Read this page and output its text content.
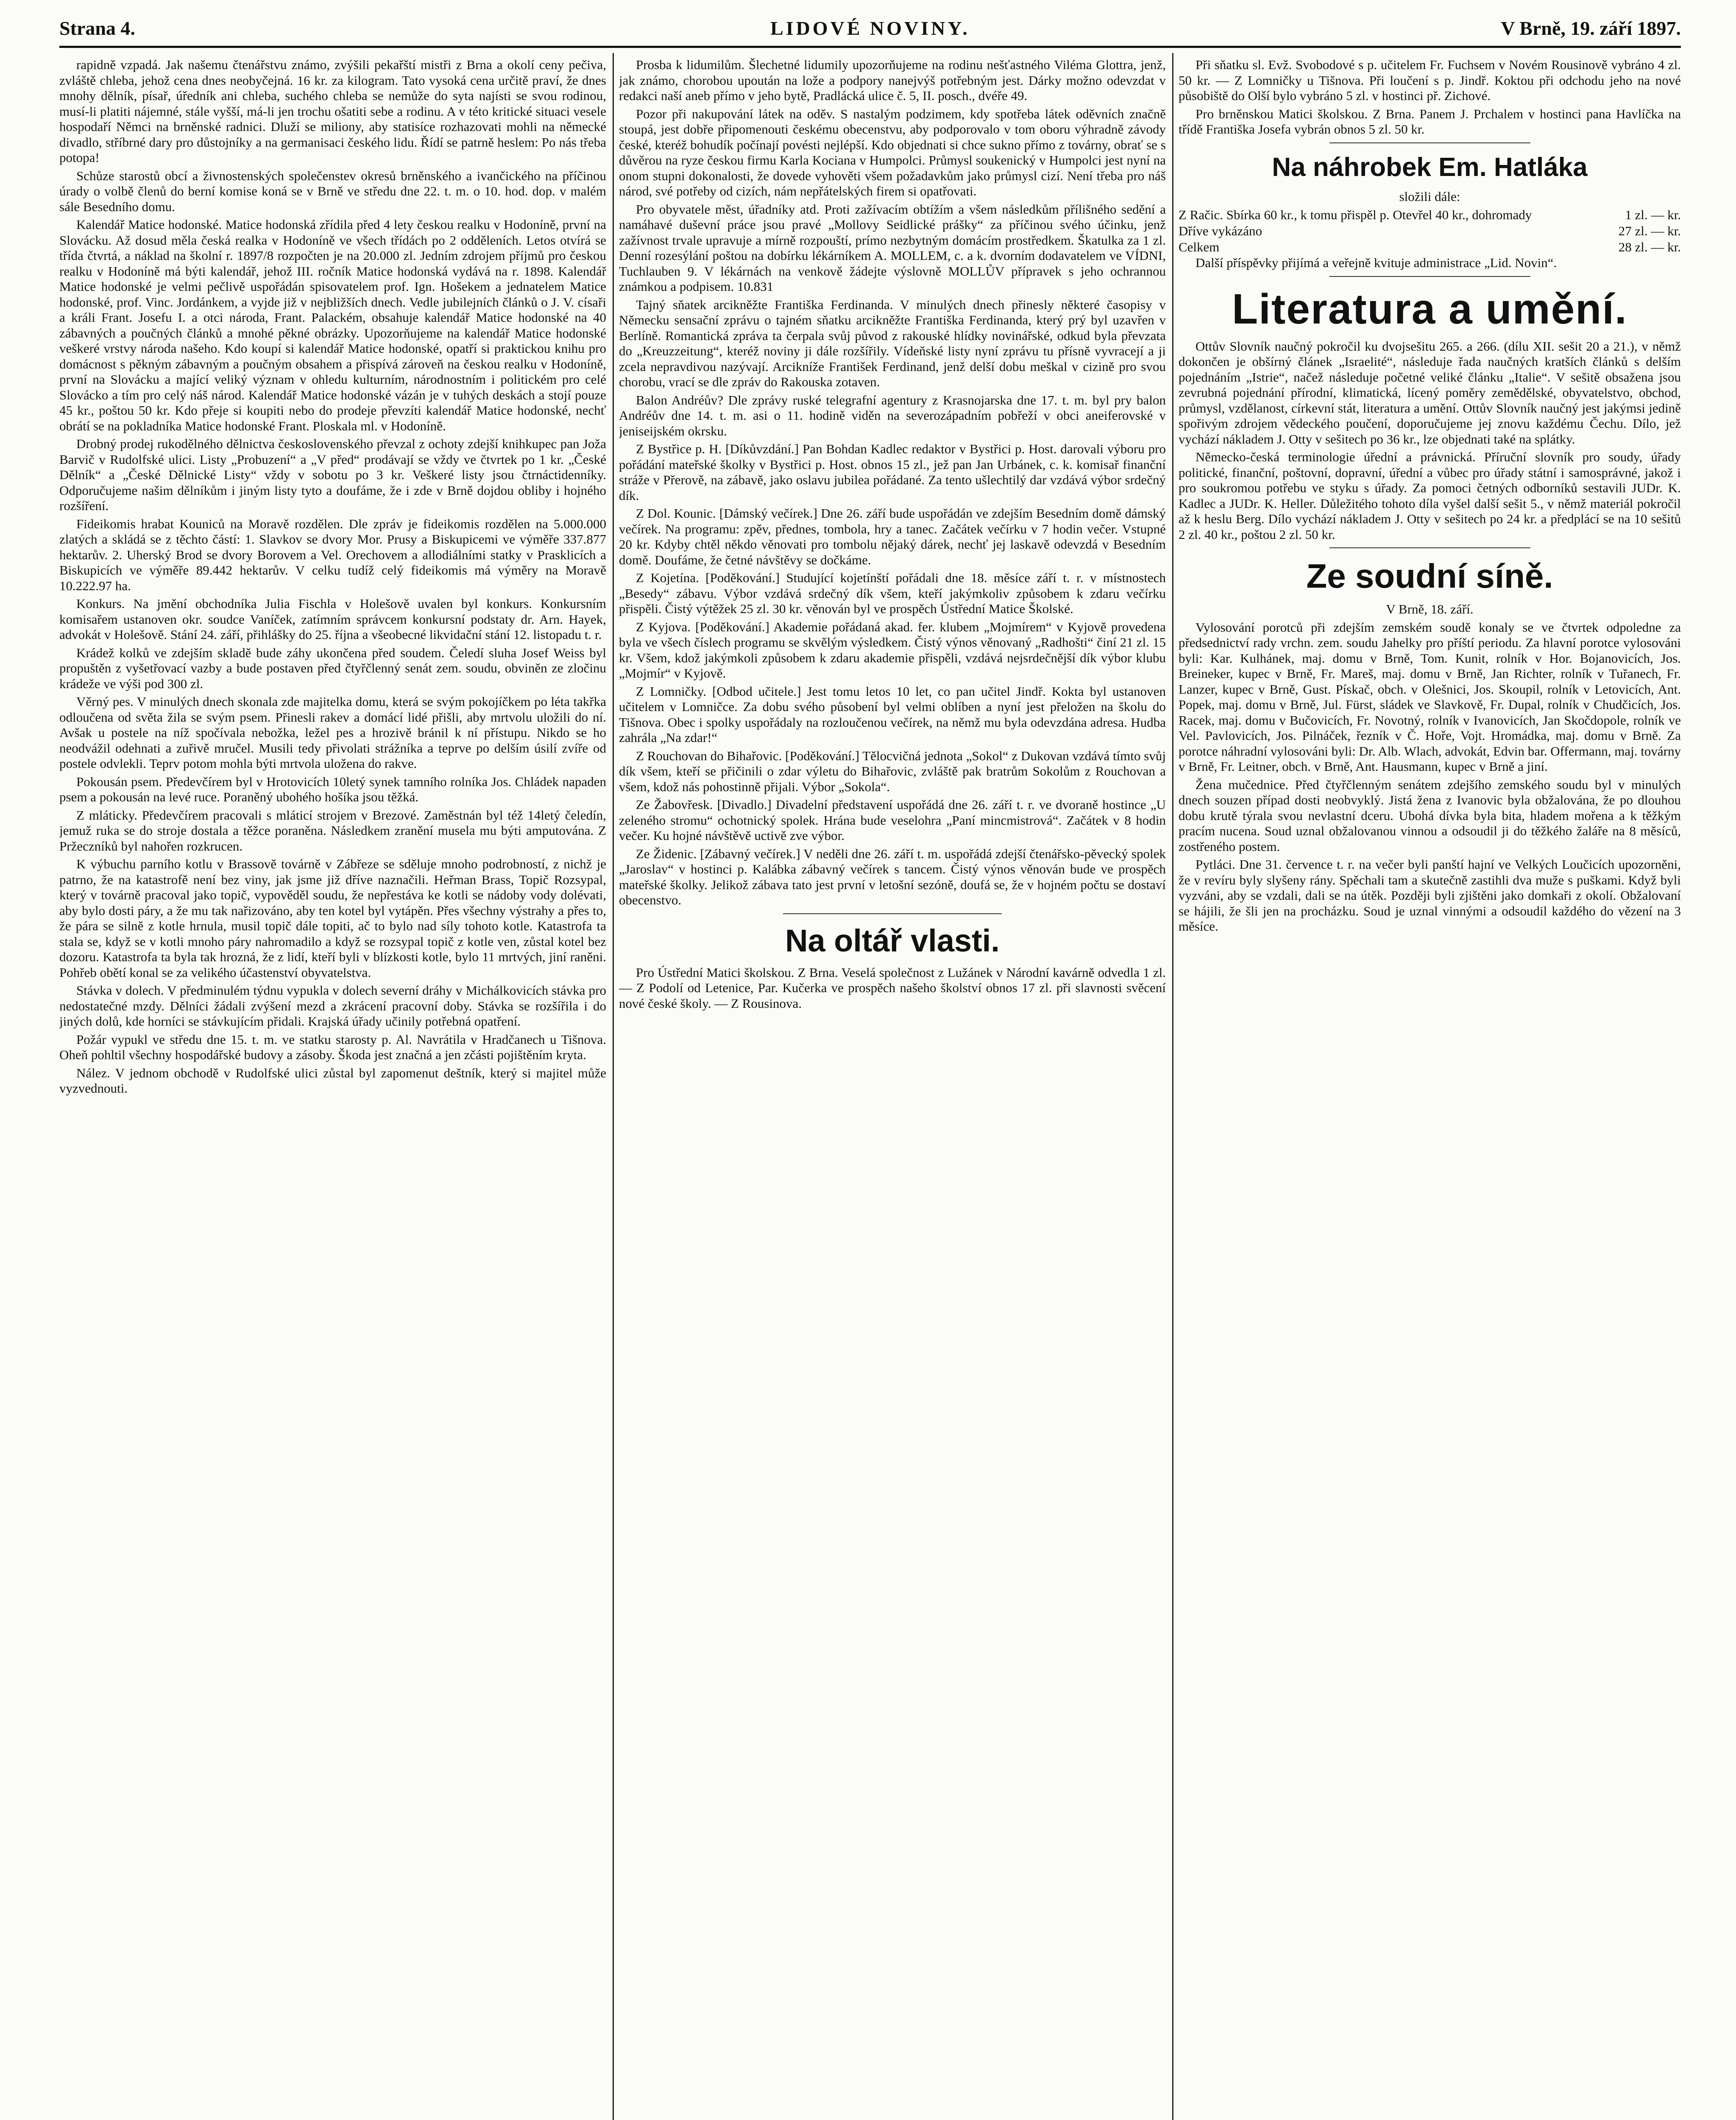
Strana 4.	LIDOVÉ NOVINY.	V Brně, 19. září 1897.

rapidně vzpadá. Jak našemu čtenářstvu známo, zvýšili pekařští mistři z Brna a okolí ceny pečiva, zvláště chleba, jehož cena dnes neobyčejná. 16 kr. za kilogram. Tato vysoká cena určitě praví, že dnes mnohy dělník, písař, úředník ani chleba, suchého chleba se nemůže do syta najísti se svou rodinou, musí-li platiti nájemné, stále vyšší, má-li jen trochu ošatiti sebe a rodinu. A v této kritické situaci vesele hospodaří Němci na brněnské radnici. Dluží se miliony, aby statisíce rozhazovati mohli na německé divadlo, stříbrné dary pro důstojníky a na germanisaci českého lidu. Řídí se patrně heslem: Po nás třeba potopa!

Schůze starostů obcí a živnostenských společenstev okresů brněnského a ivančického na příčinou úrady o volbě členů do berní komise koná se v Brně ve středu dne 22. t. m. o 10. hod. dop. v malém sále Besedního domu.

Kalendář Matice hodonské. Matice hodonská zřídila před 4 lety českou realku v Hodoníně, první na Slovácku. Až dosud měla česká realka v Hodoníně ve všech třídách po 2 odděleních. Letos otvírá se třída čtvrtá, a náklad na školní r. 1897/8 rozpočten je na 20.000 zl. Jedním zdrojem příjmů pro českou realku v Hodoníně má býti kalendář, jehož III. ročník Matice hodonská vydává na r. 1898. Kalendář Matice hodonské je velmi pečlivě uspořádán spisovatelem prof. Ign. Hošekem a jednatelem Matice hodonské, prof. Vinc. Jordánkem, a vyjde již v nejbližších dnech. Vedle jubilejních článků o J. V. císaři a králi Frant. Josefu I. a otci národa, Frant. Palackém, obsahuje kalendář Matice hodonské na 40 zábavných a poučných článků a mnohé pěkné obrázky. Upozorňujeme na kalendář Matice hodonské veškeré vrstvy národa našeho. Kdo koupí si kalendář Matice hodonské, opatří si praktickou knihu pro domácnost s pěkným zábavným a poučným obsahem a přispívá zároveň na českou realku v Hodoníně, první na Slovácku a mající veliký význam v ohledu kulturním, národnostním i politickém pro celé Slovácko a tím pro celý náš národ. Kalendář Matice hodonské vázán je v tuhých deskách a stojí pouze 45 kr., poštou 50 kr. Kdo přeje si koupiti nebo do prodeje převzíti kalendář Matice hodonské, nechť obrátí se na pokladníka Matice hodonské Frant. Ploskala ml. v Hodoníně.

Drobný prodej rukodělného dělnictva československého převzal z ochoty zdejší knihkupec pan Joža Barvič v Rudolfské ulici. Listy „Probuzení“ a „V před“ prodávají se vždy ve čtvrtek po 1 kr. „České Dělník“ a „České Dělnické Listy“ vždy v sobotu po 3 kr. Veškeré listy jsou čtrnáctidenníky. Odporučujeme našim dělníkům i jiným listy tyto a doufáme, že i zde v Brně dojdou obliby i hojného rozšíření.

Fideikomis hrabat Kouniců na Moravě rozdělen. Dle zpráv je fideikomis rozdělen na 5.000.000 zlatých a skládá se z těchto částí: 1. Slavkov se dvory Mor. Prusy a Biskupicemi ve výměře 337.877 hektarův. 2. Uherský Brod se dvory Borovem a Vel. Orechovem a allodiálními statky v Prasklicích a Biskupicích ve výměře 89.442 hektarův. V celku tudíž celý fideikomis má výměry na Moravě 10.222.97 ha.

Konkurs. Na jmění obchodníka Julia Fischla v Holešově uvalen byl konkurs. Konkursním komisařem ustanoven okr. soudce Vaníček, zatímním správcem konkursní podstaty dr. Arn. Hayek, advokát v Holešově. Stání 24. září, přihlášky do 25. října a všeobecné likvidační stání 12. listopadu t. r.

Krádež kolků ve zdejším skladě bude záhy ukončena před soudem. Čeledí sluha Josef Weiss byl propuštěn z vyšetřovací vazby a bude postaven před čtyřčlenný senát zem. soudu, obviněn ze zločinu krádeže ve výši pod 300 zl.

Věrný pes. V minulých dnech skonala zde majitelka domu, která se svým pokojíčkem po léta takřka odloučena od světa žila se svým psem. Přinesli rakev a domácí lidé přišli, aby mrtvolu uložili do ní. Avšak u postele na níž spočívala nebožka, ležel pes a hrozivě bránil k ní přístupu. Nikdo se ho neodvážil odehnati a zuřivě mručel. Musili tedy přivolati strážníka a teprve po delším úsilí zvíře od postele odvlekli. Teprv potom mohla býti mrtvola uložena do rakve.

Pokousán psem. Předevčírem byl v Hrotovicích 10letý synek tamního rolníka Jos. Chládek napaden psem a pokousán na levé ruce. Poraněný ubohého hošíka jsou těžká.

Z mláticky. Předevčírem pracovali s mláticí strojem v Brezové. Zaměstnán byl též 14letý čeledín, jemuž ruka se do stroje dostala a těžce poraněna. Následkem zranění musela mu býti amputována. Z Pržeczníků byl nahořen rozkrucen.

K výbuchu parního kotlu v Brassově továrně v Zábřeze se sděluje mnoho podrobností, z nichž je patrno, že na katastrofě není bez viny, jak jsme již dříve naznačili. Heřman Brass, Topič Rozsypal, který v továrně pracoval jako topič, vypověděl soudu, že nepřestáva ke kotli se nádoby vody dolévati, aby bylo dosti páry, a že mu tak nařizováno, aby ten kotel byl vytápěn. Přes všechny výstrahy a přes to, že pára se silně z kotle hrnula, musil topič dále topiti, ač to bylo nad síly tohoto kotle. Katastrofa ta stala se, když se v kotli mnoho páry nahromadilo a když se rozsypal topič z kotle ven, zůstal kotel bez dozoru. Katastrofa ta byla tak hrozná, že z lidí, kteří byli v blízkosti kotle, bylo 11 mrtvých, jiní raněni. Pohřeb obětí konal se za velikého účastenství obyvatelstva.

Stávka v dolech. V předminulém týdnu vypukla v dolech severní dráhy v Michálkovicích stávka pro nedostatečné mzdy. Dělníci žádali zvýšení mezd a zkrácení pracovní doby. Stávka se rozšířila i do jiných dolů, kde horníci se stávkujícím přidali. Krajská úřady učinily potřebná opatření.

Požár vypukl ve středu dne 15. t. m. ve statku starosty p. Al. Navrátila v Hradčanech u Tišnova. Oheň pohltil všechny hospodářské budovy a zásoby. Škoda jest značná a jen zčásti pojištěním kryta.

Nález. V jednom obchodě v Rudolfské ulici zůstal byl zapomenut deštník, který si majitel může vyzvednouti.

Prosba k lidumilům. Šlechetné lidumily upozorňujeme na rodinu nešťastného Viléma Glottra, jenž, jak známo, chorobou upoután na lože a podpory nanejvýš potřebným jest. Dárky možno odevzdat v redakci naší aneb přímo v jeho bytě, Pradlácká ulice č. 5, II. posch., dvéře 49.

Pozor při nakupování látek na oděv. S nastalým podzimem, kdy spotřeba látek oděvních značně stoupá, jest dobře připomenouti českému obecenstvu, aby podporovalo v tom oboru výhradně závody české, kteréž bohudík počínají povésti nejlépší. Kdo objednati si chce sukno přímo z továrny, obrať se s důvěrou na ryze českou firmu Karla Kociana v Humpolci. Průmysl soukenický v Humpolci jest nyní na onom stupni dokonalosti, že dovede vyhověti všem požadavkům jako průmysl cizí. Není třeba pro náš národ, své potřeby od cizích, nám nepřátelských firem si opatřovati.

Pro obyvatele měst, úřadníky atd. Proti zažívacím obtížím a všem následkům přílišného sedění a namáhavé duševní práce jsou pravé „Mollovy Seidlické prášky“ za příčinou svého účinku, jenž zažívnost trvale upravuje a mírně rozpouští, prímo nezbytným domácím prostředkem. Škatulka za 1 zl. Denní rozesýlání poštou na dobírku lékárníkem A. MOLLEM, c. a k. dvorním dodavatelem ve VÍDNI, Tuchlauben 9. V lékárnách na venkově žádejte výslovně MOLLŮV přípravek s jeho ochrannou známkou a podpisem. 10.831

Tajný sňatek arcikněžte Františka Ferdinanda. V minulých dnech přinesly některé časopisy v Německu sensační zprávu o tajném sňatku arcikněžte Františka Ferdinanda, který prý byl uzavřen v Berlíně. Romantická zpráva ta čerpala svůj původ z rakouské hlídky novinářské, odkud byla převzata do „Kreuzzeitung“, kteréž noviny ji dále rozšířily. Vídeňské listy nyní zprávu tu přísně vyvracejí a ji zcela nepravdivou nazývají. Arcikníže František Ferdinand, jenž delší dobu meškal v cizině pro svou chorobu, vrací se dle zpráv do Rakouska zotaven.

Balon Andréův? Dle zprávy ruské telegrafní agentury z Krasnojarska dne 17. t. m. byl pry balon Andréův dne 14. t. m. asi o 11. hodině viděn na severozápadním pobřeží v obci aneiferovské v jeniseijském okrsku.

Z Bystřice p. H. [Díkůvzdání.] Pan Bohdan Kadlec redaktor v Bystřici p. Host. darovali výboru pro pořádání mateřské školky v Bystřici p. Host. obnos 15 zl., jež pan Jan Urbánek, c. k. komisař finanční stráže v Přerově, na zábavě, jako oslavu jubilea pořádané. Za tento ušlechtilý dar vzdává výbor srdečný dík.

Z Dol. Kounic. [Dámský večírek.] Dne 26. září bude uspořádán ve zdejším Besedním domě dámský večírek. Na programu: zpěv, přednes, tombola, hry a tanec. Začátek večírku v 7 hodin večer. Vstupné 20 kr. Kdyby chtěl někdo věnovati pro tombolu nějaký dárek, nechť jej laskavě odevzdá v Besedním domě. Doufáme, že četné návštěvy se dočkáme.

Z Kojetína. [Poděkování.] Studující kojetínští pořádali dne 18. měsíce září t. r. v místnostech „Besedy“ zábavu. Výbor vzdává srdečný dík všem, kteří jakýmkoliv způsobem k zdaru večírku přispěli. Čistý výtěžek 25 zl. 30 kr. věnován byl ve prospěch Ústřední Matice Školské.

Z Kyjova. [Poděkování.] Akademie pořádaná akad. fer. klubem „Mojmírem“ v Kyjově provedena byla ve všech číslech programu se skvělým výsledkem. Čistý výnos věnovaný „Radhošti“ činí 21 zl. 15 kr. Všem, kdož jakýmkoli způsobem k zdaru akademie přispěli, vzdává nejsrdečnější dík výbor klubu „Mojmír“ v Kyjově.

Z Lomničky. [Odbod učitele.] Jest tomu letos 10 let, co pan učitel Jindř. Kokta byl ustanoven učitelem v Lomničce. Za dobu svého působení byl velmi oblíben a nyní jest přeložen na školu do Tišnova. Obec i spolky uspořádaly na rozloučenou večírek, na němž mu byla odevzdána adresa. Hudba zahrála „Na zdar!“

Z Rouchovan do Bihařovic. [Poděkování.] Tělocvičná jednota „Sokol“ z Dukovan vzdává tímto svůj dík všem, kteří se přičinili o zdar výletu do Bihařovic, zvláště pak bratrům Sokolům z Rouchovan a všem, kdož nás pohostinně přijali. Výbor „Sokola“.

Ze Žabovřesk. [Divadlo.] Divadelní představení uspořádá dne 26. září t. r. ve dvoraně hostince „U zeleného stromu“ ochotnický spolek. Hrána bude veselohra „Paní mincmistrová“. Začátek v 8 hodin večer. Ku hojné návštěvě uctivě zve výbor.

Ze Židenic. [Zábavný večírek.] V neděli dne 26. září t. m. uspořádá zdejší čtenářsko-pěvecký spolek „Jaroslav“ v hostinci p. Kalábka zábavný večírek s tancem. Čistý výnos věnován bude ve prospěch mateřské školky. Jelikož zábava tato jest první v letošní sezóně, doufá se, že v hojném počtu se dostaví obecenstvo.

Na oltář vlasti.

Pro Ústřední Matici školskou. Z Brna. Veselá společnost z Lužánek v Národní kavárně odvedla 1 zl. — Z Podolí od Letenice, Par. Kučerka ve prospěch našeho školství obnos 17 zl. při slavnosti svěcení nové české školy. — Z Rousinova.

Při sňatku sl. Evž. Svobodové s p. učitelem Fr. Fuchsem v Novém Rousinově vybráno 4 zl. 50 kr. — Z Lomničky u Tišnova. Při loučení s p. Jindř. Koktou při odchodu jeho na nové působiště do Olší bylo vybráno 5 zl. v hostinci př. Zichové.

Pro brněnskou Matici školskou. Z Brna. Panem J. Prchalem v hostinci pana Havlíčka na třídě Františka Josefa vybrán obnos 5 zl. 50 kr.

Na náhrobek Em. Hatláka

složili dále:

Z Račic. Sbírka 60 kr., k tomu přispěl p. Otevřel 40 kr., dohromady	1 zl. — kr.
Dříve vykázáno	27 zl. — kr.
Celkem	28 zl. — kr.

Další příspěvky přijímá a veřejně kvituje administrace „Lid. Novin“.

Literatura a umění.

Ottův Slovník naučný pokročil ku dvojsešitu 265. a 266. (dílu XII. sešit 20 a 21.), v němž dokončen je obšírný článek „Israelité“, následuje řada naučných kratších článků s delším pojednáním „Istrie“, načež následuje početné veliké článku „Italie“. V sešitě obsažena jsou zevrubná pojednání přírodní, klimatická, lícený poměry zemědělské, obyvatelstvo, obchod, průmysl, vzdělanost, církevní stát, literatura a umění. Ottův Slovník naučný jest jakýmsi jedině spořivým zdrojem vědeckého poučení, doporučujeme jej znovu každému Čechu. Dílo, jež vychází nákladem J. Otty v sešitech po 36 kr., lze objednati také na splátky.

Německo-česká terminologie úřední a právnická. Příruční slovník pro soudy, úřady politické, finanční, poštovní, dopravní, úřední a vůbec pro úřady státní i samosprávné, jakož i pro soukromou potřebu ve styku s úřady. Za pomoci četných odborníků sestavili JUDr. K. Kadlec a JUDr. K. Heller. Důležitého tohoto díla vyšel další sešit 5., v němž materiál pokročil až k heslu Berg. Dílo vychází nákladem J. Otty v sešitech po 24 kr. a předplácí se na 10 sešitů 2 zl. 40 kr., poštou 2 zl. 50 kr.

Ze soudní síně.

V Brně, 18. září.

Vylosování porotců při zdejším zemském soudě konaly se ve čtvrtek odpoledne za předsednictví rady vrchn. zem. soudu Jahelky pro příští periodu. Za hlavní porotce vylosováni byli: Kar. Kulhánek, maj. domu v Brně, Tom. Kunit, rolník v Hor. Bojanovicích, Jos. Breineker, kupec v Brně, Fr. Mareš, maj. domu v Brně, Jan Richter, rolník v Tuřanech, Fr. Lanzer, kupec v Brně, Gust. Pískač, obch. v Olešnici, Jos. Skoupil, rolník v Letovicích, Ant. Popek, maj. domu v Brně, Jul. Fürst, sládek ve Slavkově, Fr. Dupal, rolník v Chudčicích, Jos. Racek, maj. domu v Bučovicích, Fr. Novotný, rolník v Ivanovicích, Jan Skočdopole, rolník ve Vel. Pavlovicích, Jos. Pilnáček, řezník v Č. Hoře, Vojt. Hromádka, maj. domu v Brně. Za porotce náhradní vylosováni byli: Dr. Alb. Wlach, advokát, Edvin bar. Offermann, maj. továrny v Brně, Fr. Leitner, obch. v Brně, Ant. Hausmann, kupec v Brně a jiní.

Žena mučednice. Před čtyřčlenným senátem zdejšího zemského soudu byl v minulých dnech souzen případ dosti neobvyklý. Jistá žena z Ivanovic byla obžalována, že po dlouhou dobu krutě týrala svou nevlastní dceru. Ubohá dívka byla bita, hladem mořena a k těžkým pracím nucena. Soud uznal obžalovanou vinnou a odsoudil ji do těžkého žaláře na 8 měsíců, zostřeného postem.

Pytláci. Dne 31. července t. r. na večer byli panští hajní ve Velkých Loučicích upozorněni, že v revíru byly slyšeny rány. Spěchali tam a skutečně zastihli dva muže s puškami. Když byli vyzváni, aby se vzdali, dali se na útěk. Později byli zjištěni jako domkaři z okolí. Obžalovaní se hájili, že šli jen na procházku. Soud je uznal vinnými a odsoudil každého do vězení na 3 měsíce.
